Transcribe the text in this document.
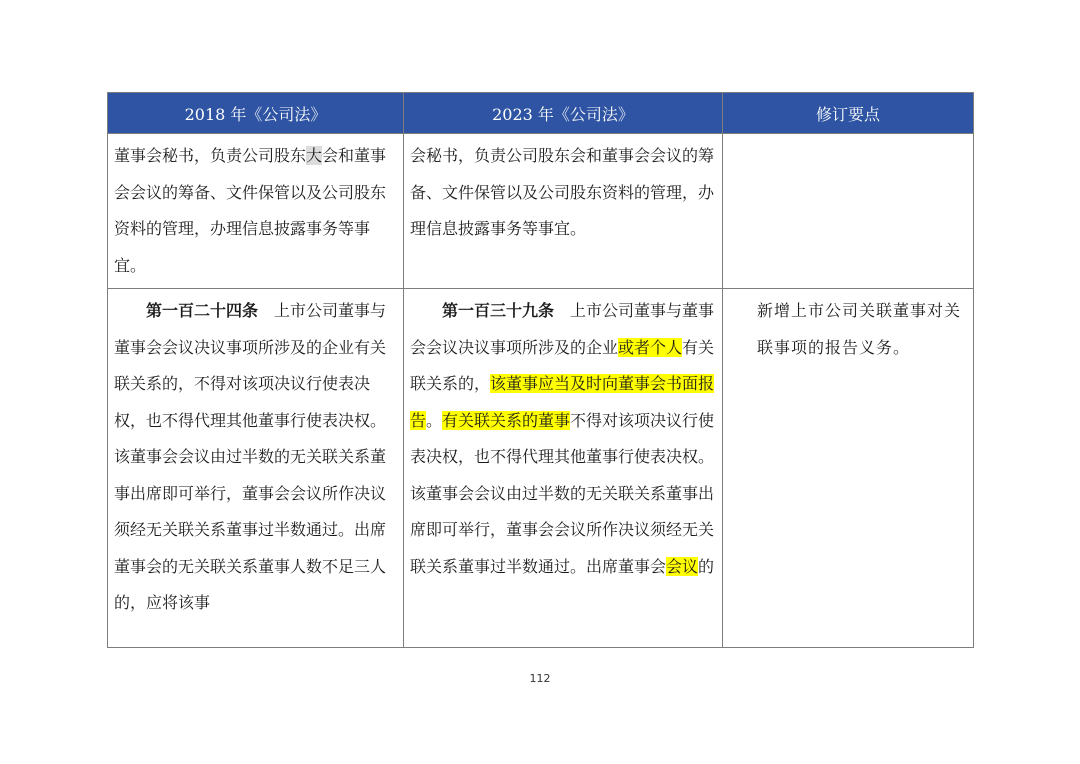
2018 年《公司法》	2023 年《公司法》	修订要点
董事会秘书，负责公司股东大会和董事会会议的筹备、文件保管以及公司股东资料的管理，办理信息披露事务等事宜。	会秘书，负责公司股东会和董事会会议的筹备、文件保管以及公司股东资料的管理，办理信息披露事务等事宜。	
第一百二十四条　上市公司董事与董事会会议决议事项所涉及的企业有关联关系的，不得对该项决议行使表决权，也不得代理其他董事行使表决权。该董事会会议由过半数的无关联关系董事出席即可举行，董事会会议所作决议须经无关联关系董事过半数通过。出席董事会的无关联关系董事人数不足三人的，应将该事	第一百三十九条　上市公司董事与董事会会议决议事项所涉及的企业或者个人有关联关系的，该董事应当及时向董事会书面报告。有关联关系的董事不得对该项决议行使表决权，也不得代理其他董事行使表决权。该董事会会议由过半数的无关联关系董事出席即可举行，董事会会议所作决议须经无关联关系董事过半数通过。出席董事会会议的	新增上市公司关联董事对关联事项的报告义务。
112
